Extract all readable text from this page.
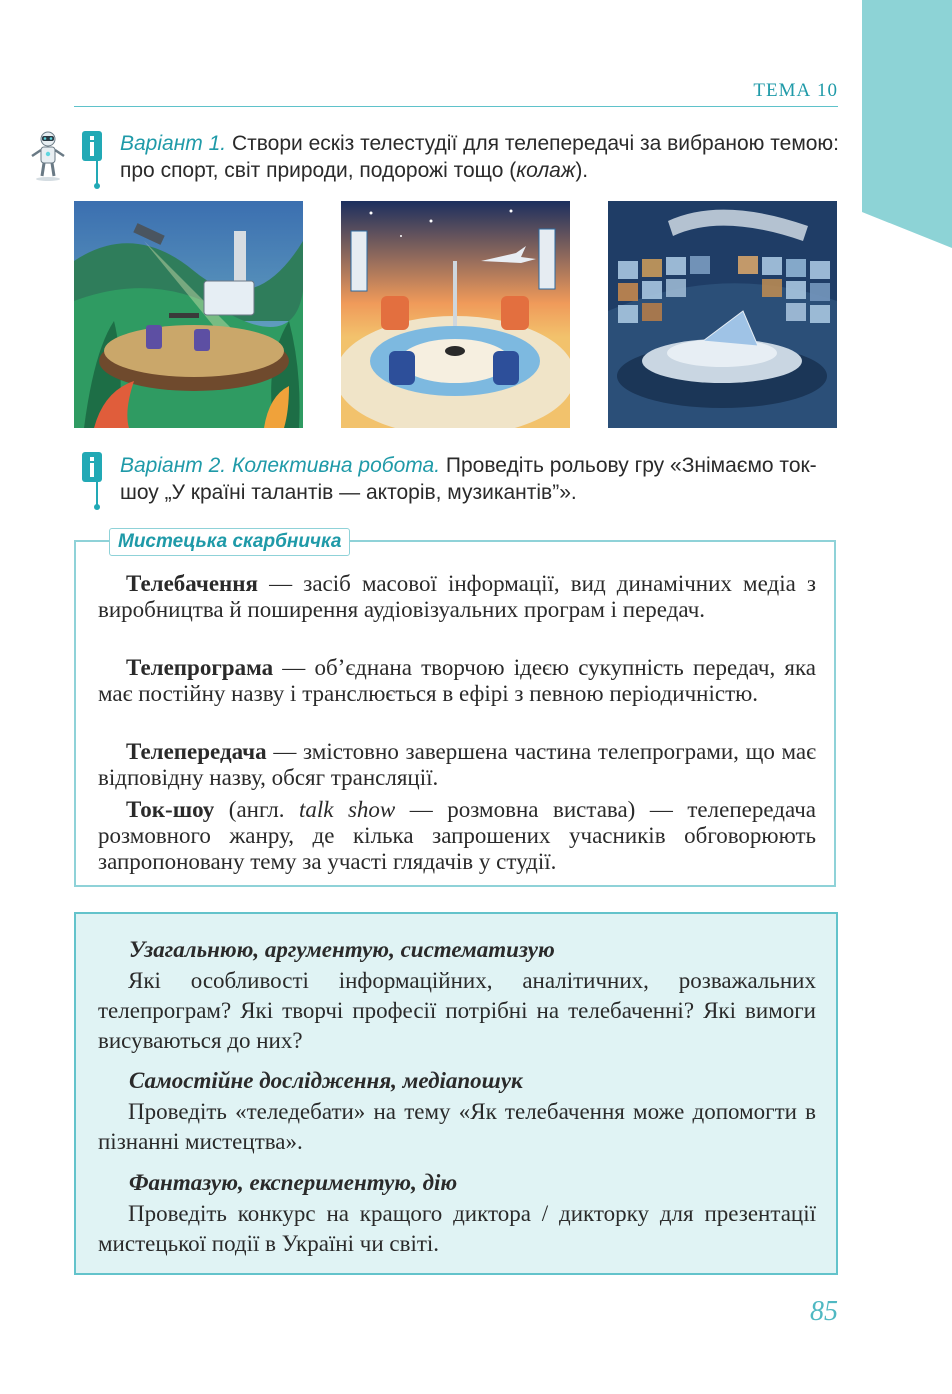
ТЕМА 10
Варіант 1. Створи ескіз телестудії для телепередачі за вибраною темою: про спорт, світ природи, подорожі тощо (колаж).
Варіант 2. Колективна робота. Проведіть рольову гру «Знімаємо ток-шоу „У країні талантів — акторів, музикантів”».
Мистецька скарбничка

Телебачення — засіб масової інформації, вид динамічних медіа з виробництва й поширення аудіовізуальних програм і передач.

Телепрограма — об’єднана творчою ідеєю сукупність передач, яка має постійну назву і транслюється в ефірі з певною періодичністю.

Телепередача — змістовно завершена частина телепрограми, що має відповідну назву, обсяг трансляції.

Ток-шоу (англ. talk show — розмовна вистава) — телепередача розмовного жанру, де кілька запрошених учасників обговорюють запропоновану тему за участі глядачів у студії.

Узагальнюю, аргументую, систематизую

Які особливості інформаційних, аналітичних, розважальних телепрограм? Які творчі професії потрібні на телебаченні? Які вимоги висуваються до них?

Самостійне дослідження, медіапошук

Проведіть «теледебати» на тему «Як телебачення може допомогти в пізнанні мистецтва».

Фантазую, експериментую, дію

Проведіть конкурс на кращого диктора / дикторку для презентації мистецької події в Україні чи світі.

85
